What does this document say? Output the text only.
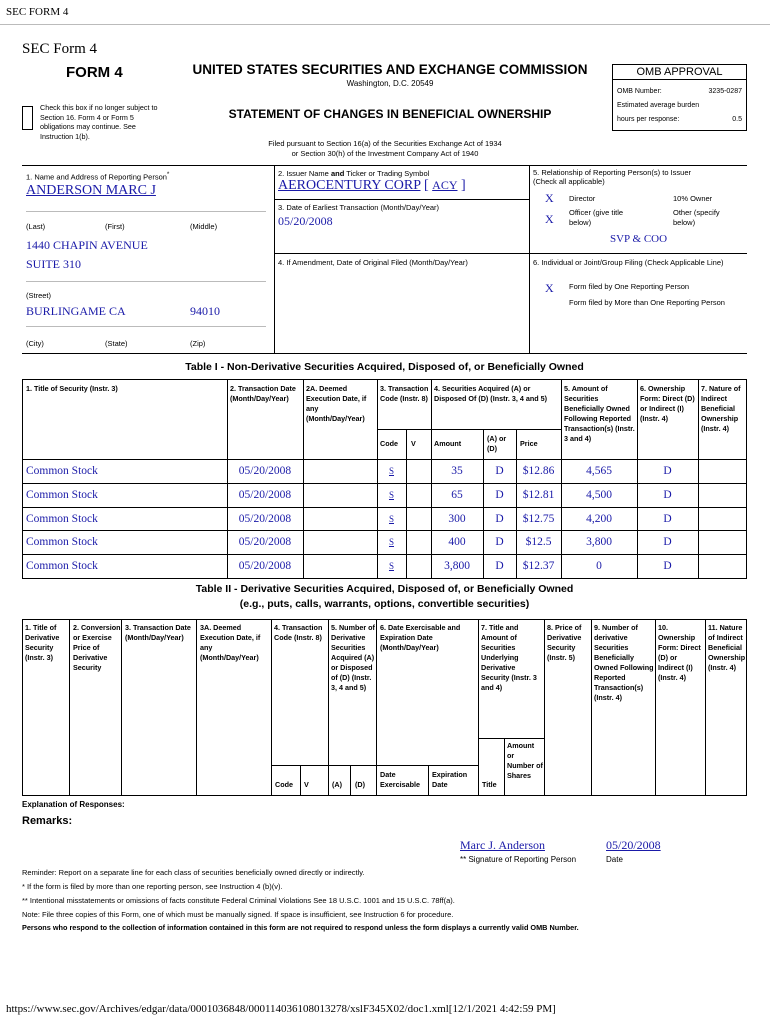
SEC FORM 4
https://www.sec.gov/Archives/edgar/data/0001036848/000114036108013278/xslF345X02/doc1.xml[12/1/2021 4:42:59 PM]
SEC Form 4
FORM 4	UNITED STATES SECURITIES AND EXCHANGE COMMISSION
Washington, D.C. 20549
STATEMENT OF CHANGES IN BENEFICIAL OWNERSHIP
Check this box if no longer subject to Section 16. Form 4 or Form 5 obligations may continue. See Instruction 1(b).
Filed pursuant to Section 16(a) of the Securities Exchange Act of 1934
or Section 30(h) of the Investment Company Act of 1940
OMB APPROVAL
OMB Number:	3235-0287
Estimated average burden
hours per response:	0.5
1. Name and Address of Reporting Person*
ANDERSON MARC J
(Last)	(First)	(Middle)
1440 CHAPIN AVENUE
SUITE 310
(Street)
BURLINGAME CA	94010
(City)	(State)	(Zip)
2. Issuer Name and Ticker or Trading Symbol
AEROCENTURY CORP [ ACY ]
3. Date of Earliest Transaction (Month/Day/Year)
05/20/2008
4. If Amendment, Date of Original Filed (Month/Day/Year)
5. Relationship of Reporting Person(s) to Issuer
(Check all applicable)
X Director	10% Owner
X Officer (give title below)
Other (specify below)
SVP & COO
6. Individual or Joint/Group Filing (Check Applicable Line)
X Form filed by One Reporting Person
Form filed by More than One Reporting Person
Table I - Non-Derivative Securities Acquired, Disposed of, or Beneficially Owned
1. Title of Security (Instr. 3)	2. Transaction Date (Month/Day/Year)
2A. Deemed Execution Date, if any (Month/Day/Year)
3. Transaction Code (Instr. 8)
4. Securities Acquired (A) or Disposed Of (D) (Instr. 3, 4 and 5)
5. Amount of Securities Beneficially Owned Following Reported Transaction(s) (Instr. 3 and 4)
6. Ownership Form: Direct (D) or Indirect (I) (Instr. 4)
7. Nature of Indirect Beneficial Ownership (Instr. 4)
Code V	Amount
(A) or (D)
Price
Common Stock	05/20/2008	S	35	D	$12.86	4,565	D
Common Stock	05/20/2008	S	65	D	$12.81	4,500	D
Common Stock	05/20/2008	S	300	D	$12.75	4,200	D
Common Stock	05/20/2008	S	400	D	$12.5	3,800	D
Common Stock	05/20/2008	S	3,800	D	$12.37	0	D
Table II - Derivative Securities Acquired, Disposed of, or Beneficially Owned
(e.g., puts, calls, warrants, options, convertible securities)
1. Title of Derivative Security (Instr. 3)
2. Conversion or Exercise Price of Derivative Security
3. Transaction Date (Month/Day/Year)
3A. Deemed Execution Date, if any (Month/Day/Year)
4. Transaction Code (Instr. 8)
5. Number of Derivative Securities Acquired (A) or Disposed of (D) (Instr. 3, 4 and 5)
6. Date Exercisable and Expiration Date (Month/Day/Year)
7. Title and Amount of Securities Underlying Derivative Security (Instr. 3 and 4)
8. Price of Derivative Security (Instr. 5)
9. Number of derivative Securities Beneficially Owned Following Reported Transaction(s) (Instr. 4)
10. Ownership Form: Direct (D) or Indirect (I) (Instr. 4)
11. Nature of Indirect Beneficial Ownership (Instr. 4)
Code V	(A) (D)
Date Exercisable
Expiration Date	Title
Amount or Number of Shares
Explanation of Responses:
Remarks:
Marc J. Anderson	05/20/2008
** Signature of Reporting Person	Date
Reminder: Report on a separate line for each class of securities beneficially owned directly or indirectly.
* If the form is filed by more than one reporting person, see Instruction 4 (b)(v).
** Intentional misstatements or omissions of facts constitute Federal Criminal Violations See 18 U.S.C. 1001 and 15 U.S.C. 78ff(a).
Note: File three copies of this Form, one of which must be manually signed. If space is insufficient, see Instruction 6 for procedure.
Persons who respond to the collection of information contained in this form are not required to respond unless the form displays a currently valid OMB Number.
